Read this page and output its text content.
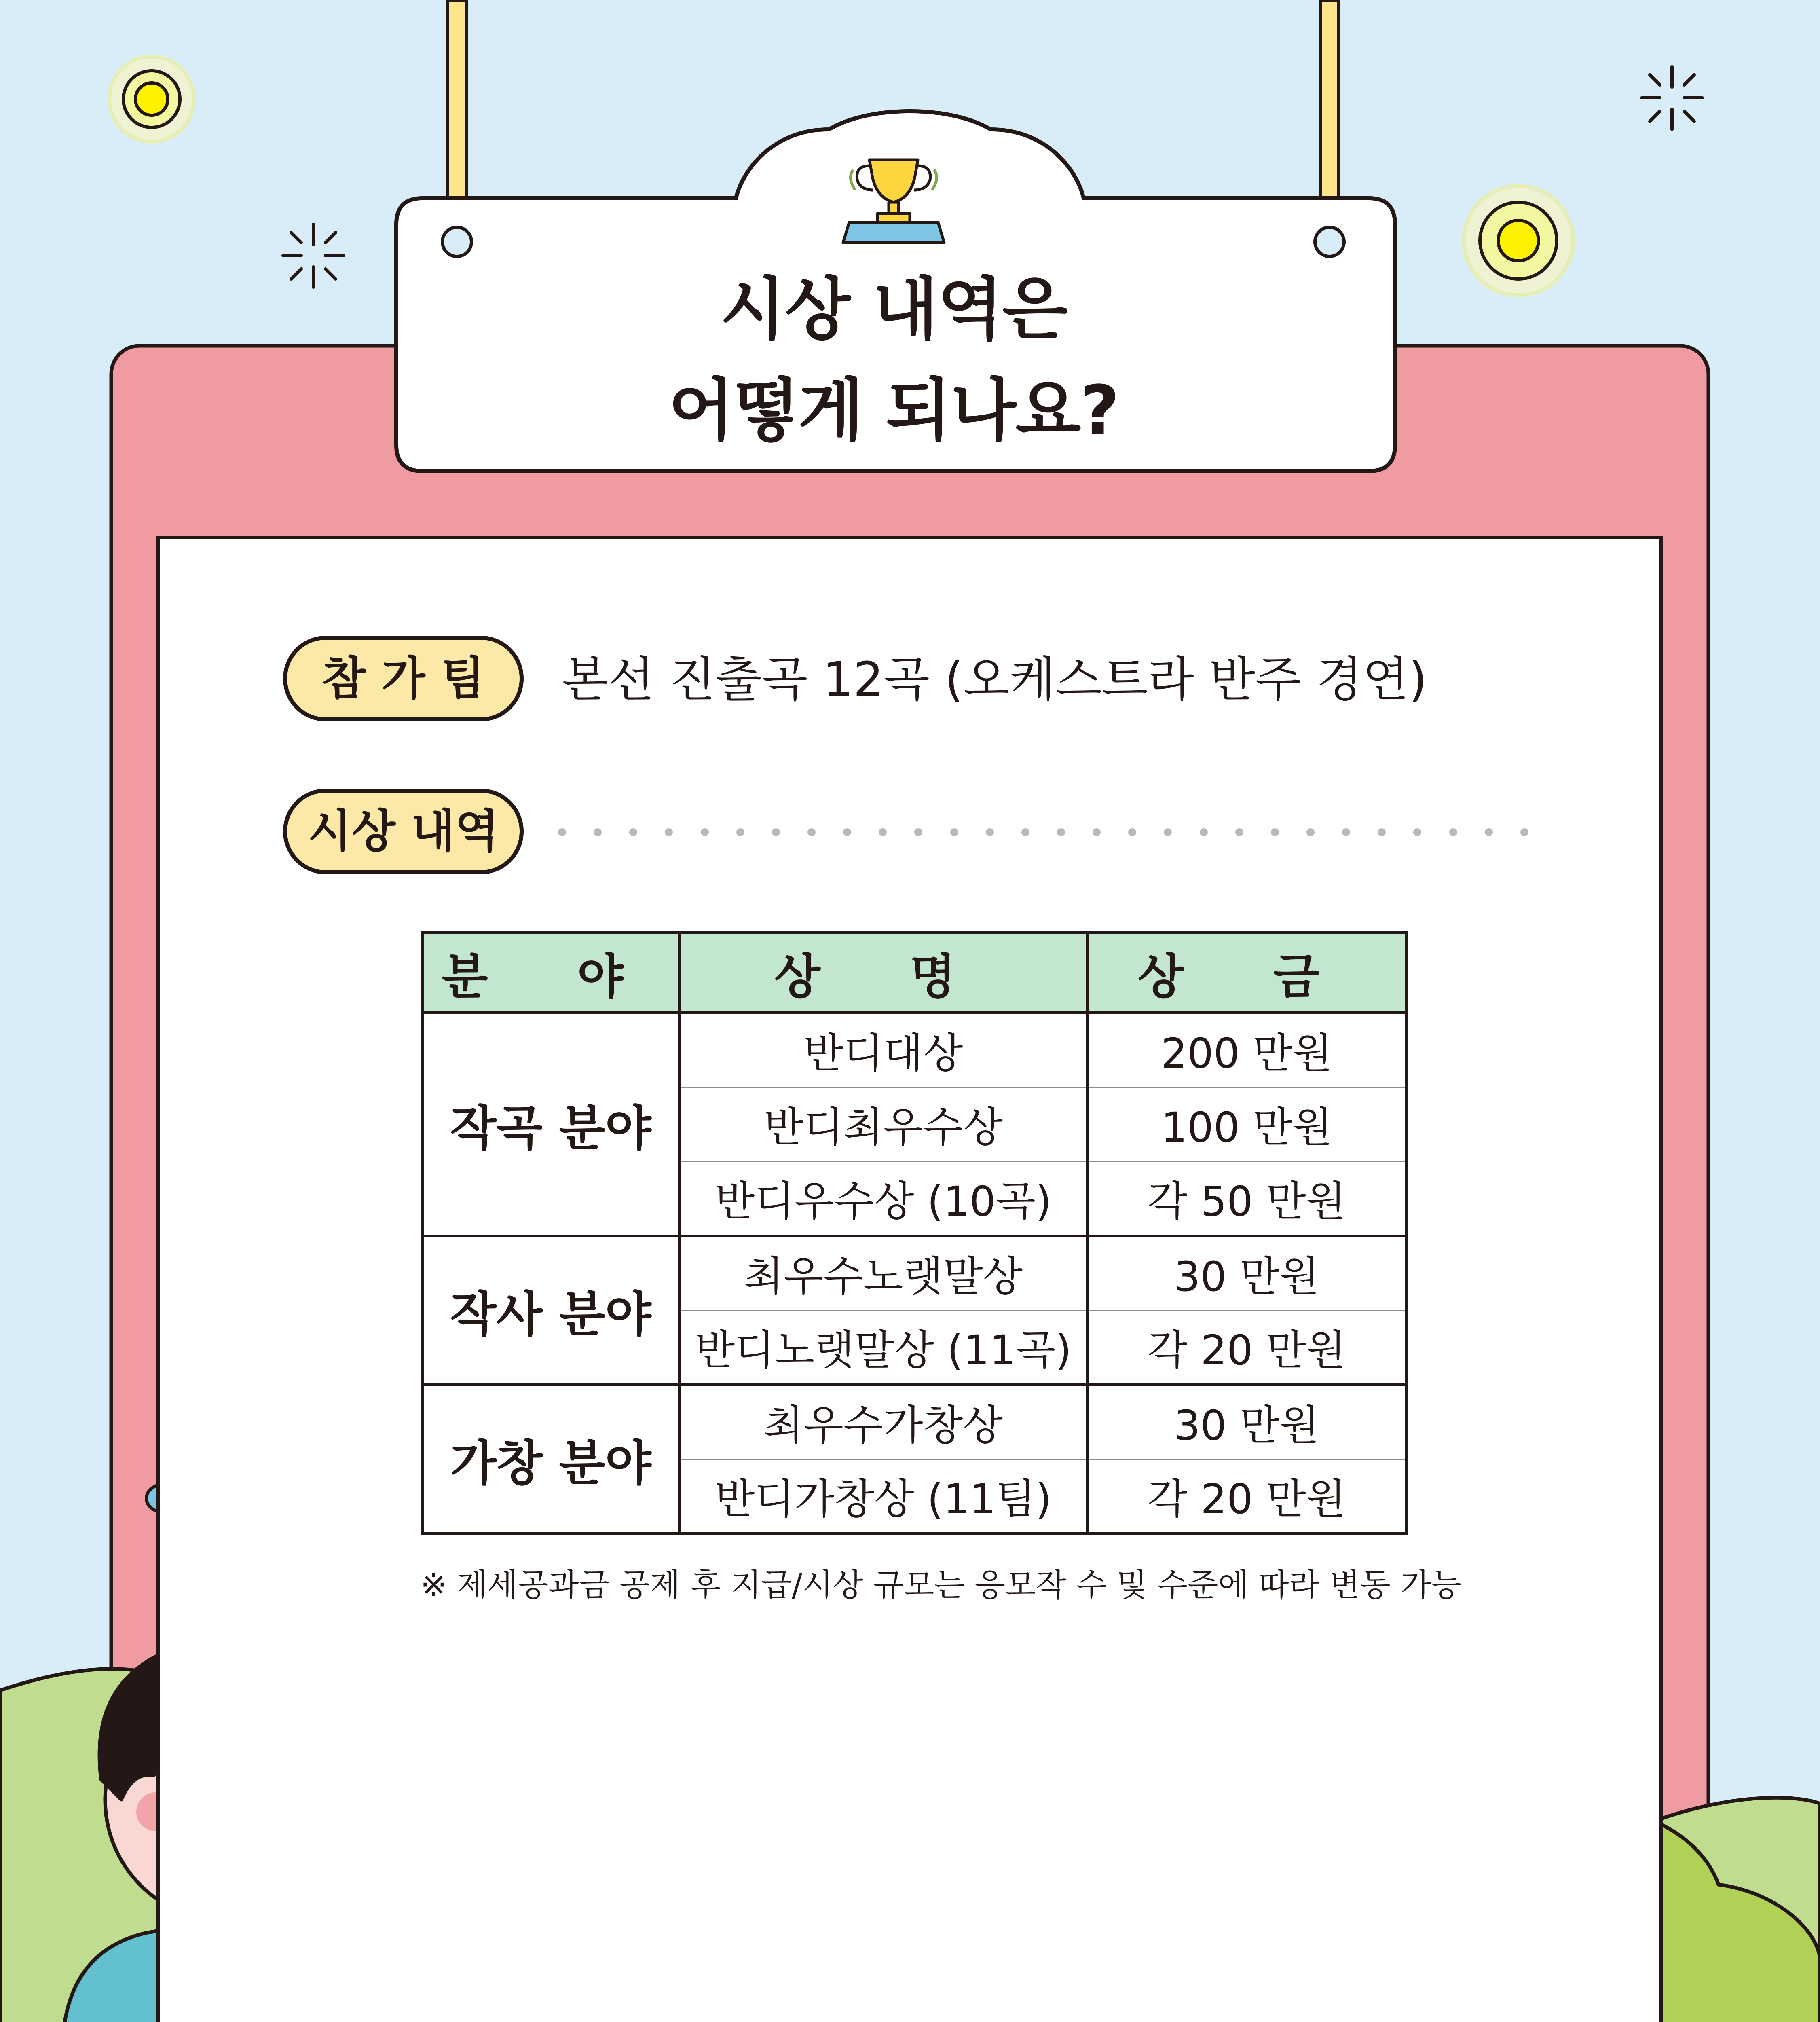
시상 내역은
어떻게 되나요?
참 가 팀	본선 진출곡 12곡 (오케스트라 반주 경연)
시상 내역
분 야	상 명	상 금
작곡 분야	반디대상	200 만원
	반디최우수상	100 만원
	반디우수상 (10곡)	각 50 만원
작사 분야	최우수노랫말상	30 만원
	반디노랫말상 (11곡)	각 20 만원
가창 분야	최우수가창상	30 만원
	반디가창상 (11팀)	각 20 만원
※ 제세공과금 공제 후 지급/시상 규모는 응모작 수 및 수준에 따라 변동 가능
